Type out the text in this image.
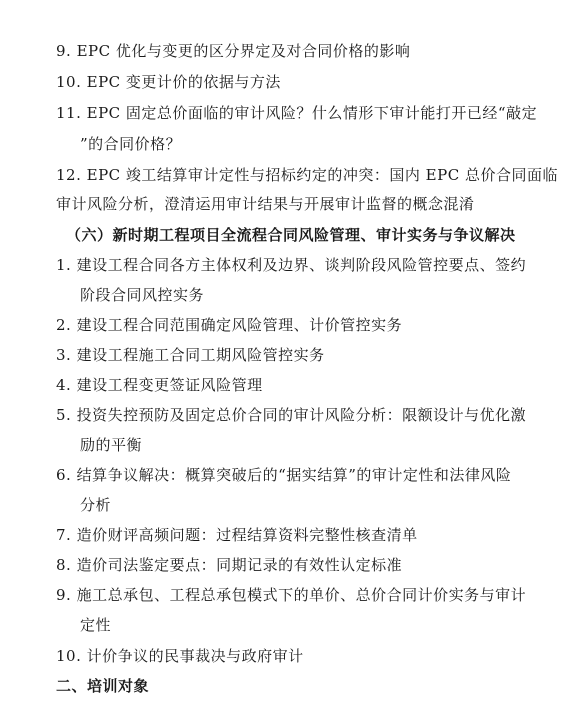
9. EPC 优化与变更的区分界定及对合同价格的影响
10. EPC 变更计价的依据与方法
11. EPC 固定总价面临的审计风险？什么情形下审计能打开已经“敲定
”的合同价格？
12. EPC 竣工结算审计定性与招标约定的冲突：国内 EPC 总价合同面临
审计风险分析，澄清运用审计结果与开展审计监督的概念混淆
（六）新时期工程项目全流程合同风险管理、审计实务与争议解决
1. 建设工程合同各方主体权利及边界、谈判阶段风险管控要点、签约
阶段合同风控实务
2. 建设工程合同范围确定风险管理、计价管控实务
3. 建设工程施工合同工期风险管控实务
4. 建设工程变更签证风险管理
5. 投资失控预防及固定总价合同的审计风险分析：限额设计与优化激
励的平衡
6. 结算争议解决：概算突破后的“据实结算”的审计定性和法律风险
分析
7. 造价财评高频问题：过程结算资料完整性核查清单
8. 造价司法鉴定要点：同期记录的有效性认定标准
9. 施工总承包、工程总承包模式下的单价、总价合同计价实务与审计
定性
10. 计价争议的民事裁决与政府审计
二、培训对象
